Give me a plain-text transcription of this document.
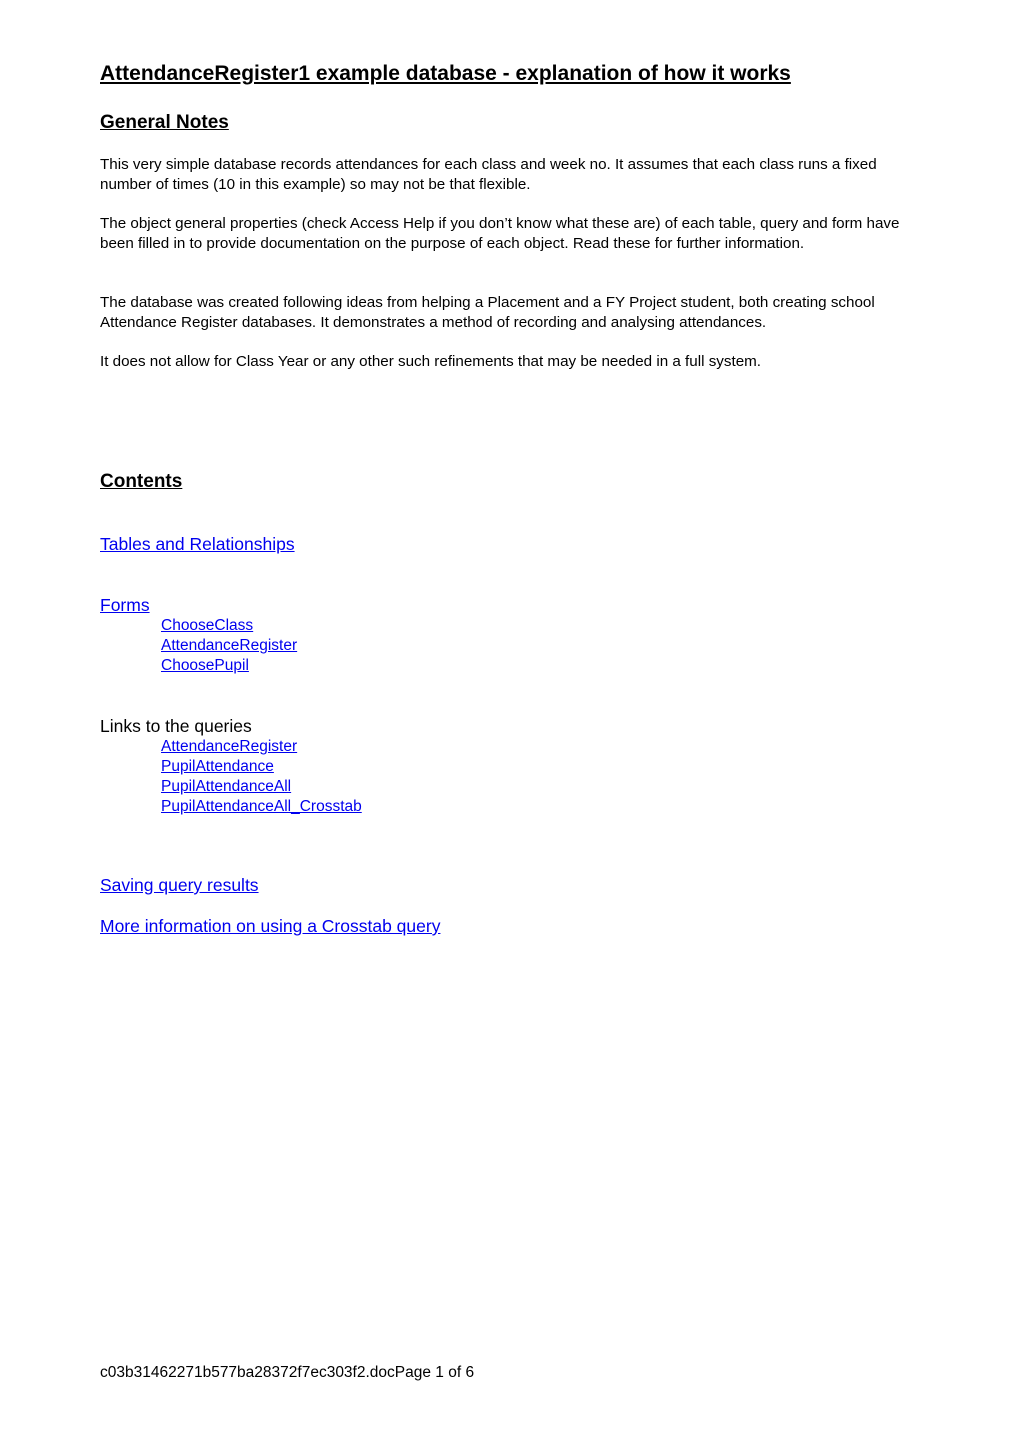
AttendanceRegister1 example database - explanation of how it works
General Notes

This very simple database records attendances for each class and week no. It assumes that each class runs a fixed number of times (10 in this example) so may not be that flexible.

The object general properties (check Access Help if you don’t know what these are) of each table, query and form have been filled in to provide documentation on the purpose of each object. Read these for further information.

The database was created following ideas from helping a Placement and a FY Project student, both creating school Attendance Register databases. It demonstrates a method of recording and analysing attendances.

It does not allow for Class Year or any other such refinements that may be needed in a full system.

Contents
Tables and Relationships
Forms
ChooseClass
AttendanceRegister
ChoosePupil
Links to the queries
AttendanceRegister
PupilAttendance
PupilAttendanceAll
PupilAttendanceAll_Crosstab
Saving query results
More information on using a Crosstab query
c03b31462271b577ba28372f7ec303f2.docPage 1 of 6
